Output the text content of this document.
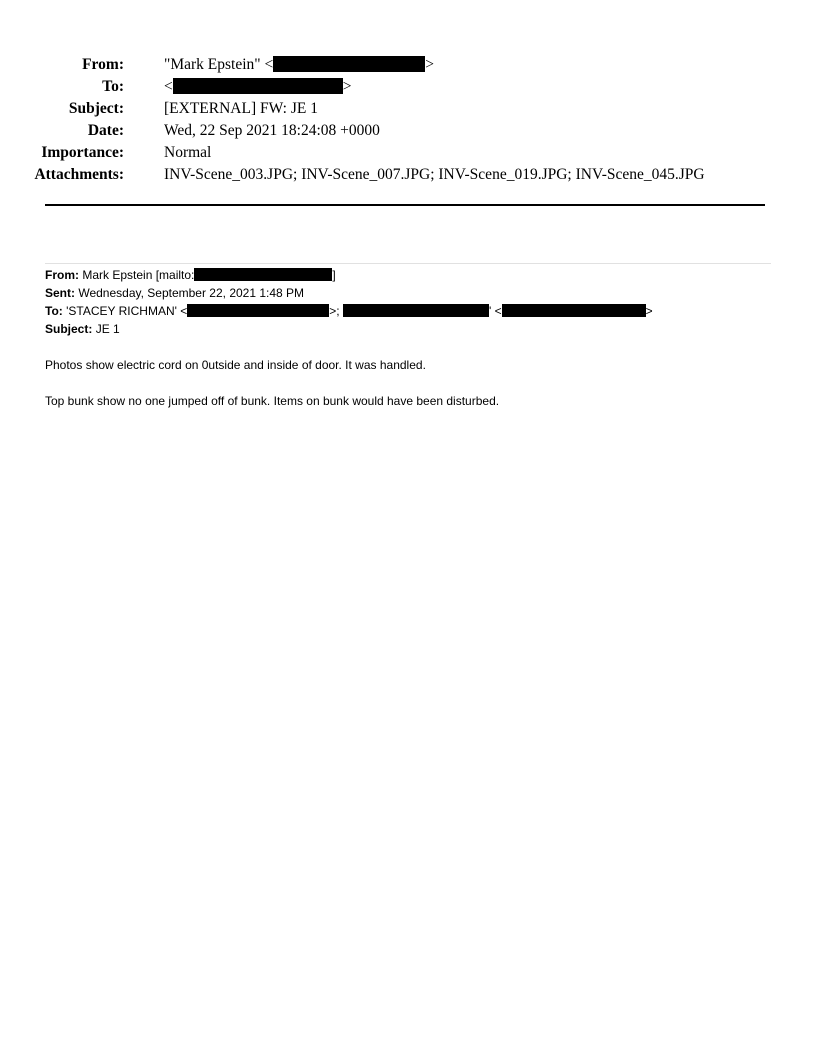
From:	"Mark Epstein" <	>
To:	<	>
Subject:	[EXTERNAL] FW: JE 1
Date:	Wed, 22 Sep 2021 18:24:08 +0000
Importance:	Normal
Attachments:	INV-Scene_003.JPG; INV-Scene_007.JPG; INV-Scene_019.JPG; INV-Scene_045.JPG
From: Mark Epstein [mailto:	]
Sent: Wednesday, September 22, 2021 1:48 PM
To: 'STACEY RICHMAN' <	>;	' <	>
Subject: JE 1

Photos show electric cord on 0utside and inside of door. It was handled.

Top bunk show no one jumped off of bunk. Items on bunk would have been disturbed.
